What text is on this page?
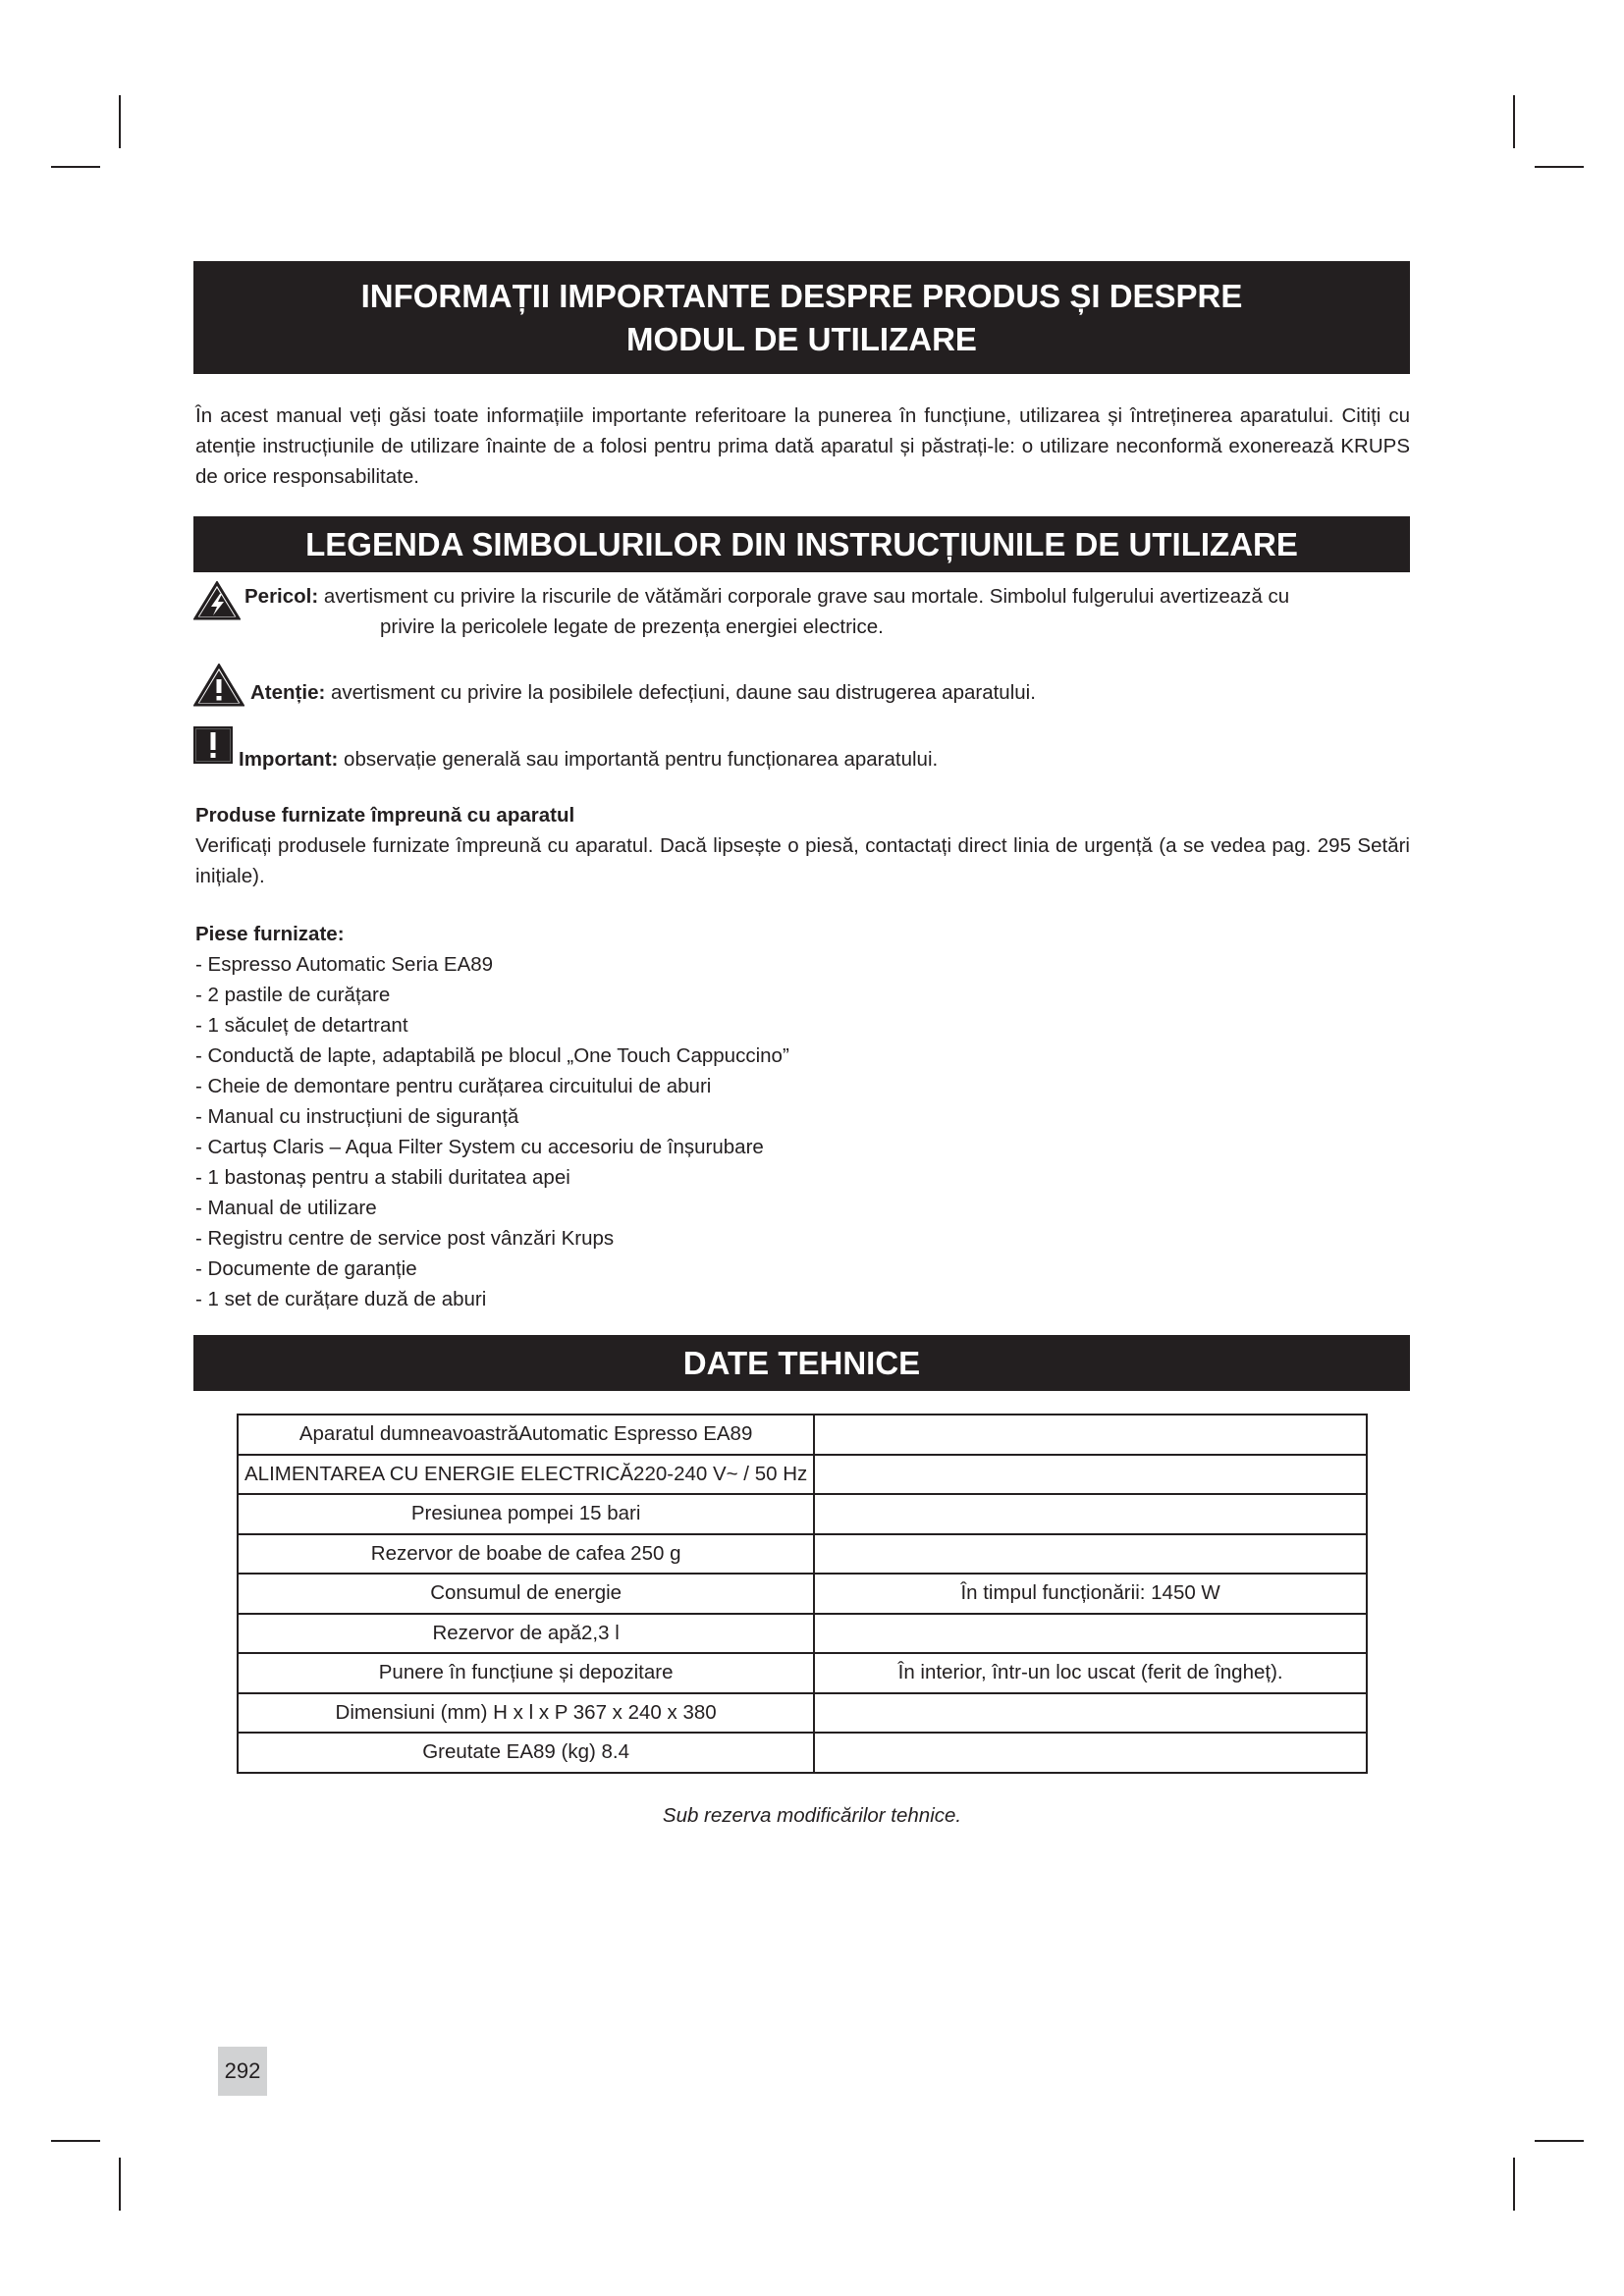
INFORMAȚII IMPORTANTE DESPRE PRODUS ȘI DESPRE
MODUL DE UTILIZARE

În acest manual veți găsi toate informațiile importante referitoare la punerea în funcțiune, utilizarea și întreținerea aparatului. Citiți cu atenție instrucțiunile de utilizare înainte de a folosi pentru prima dată aparatul și păstrați-le: o utilizare neconformă exonerează KRUPS de orice responsabilitate.

LEGENDA SIMBOLURILOR DIN INSTRUCȚIUNILE DE UTILIZARE
Pericol: avertisment cu privire la riscurile de vătămări corporale grave sau mortale. Simbolul fulgerului avertizează cu
privire la pericolele legate de prezența energiei electrice.
Atenție: avertisment cu privire la posibilele defecțiuni, daune sau distrugerea aparatului.
Important: observație generală sau importantă pentru funcționarea aparatului.

Produse furnizate împreună cu aparatul

Verificați produsele furnizate împreună cu aparatul. Dacă lipsește o piesă, contactați direct linia de urgență (a se vedea pag. 295 Setări inițiale).

Piese furnizate:

- Espresso Automatic Seria EA89
- 2 pastile de curățare
- 1 săculeț de detartrant
- Conductă de lapte, adaptabilă pe blocul „One Touch Cappuccino”
- Cheie de demontare pentru curățarea circuitului de aburi
- Manual cu instrucțiuni de siguranță
- Cartuș Claris – Aqua Filter System cu accesoriu de înșurubare
- 1 bastonaș pentru a stabili duritatea apei
- Manual de utilizare
- Registru centre de service post vânzări Krups
- Documente de garanție
- 1 set de curățare duză de aburi
DATE TEHNICE
Aparatul dumneavoastrăAutomatic Espresso EA89	
ALIMENTAREA CU ENERGIE ELECTRICĂ220-240 V~ / 50 Hz	
Presiunea pompei 15 bari	
Rezervor de boabe de cafea 250 g	
Consumul de energie	În timpul funcționării: 1450 W
Rezervor de apă2,3 l	
Punere în funcțiune și depozitare	În interior, într-un loc uscat (ferit de îngheț).
Dimensiuni (mm) H x l x P 367 x 240 x 380	
Greutate EA89 (kg) 8.4	
Sub rezerva modificărilor tehnice.
292
